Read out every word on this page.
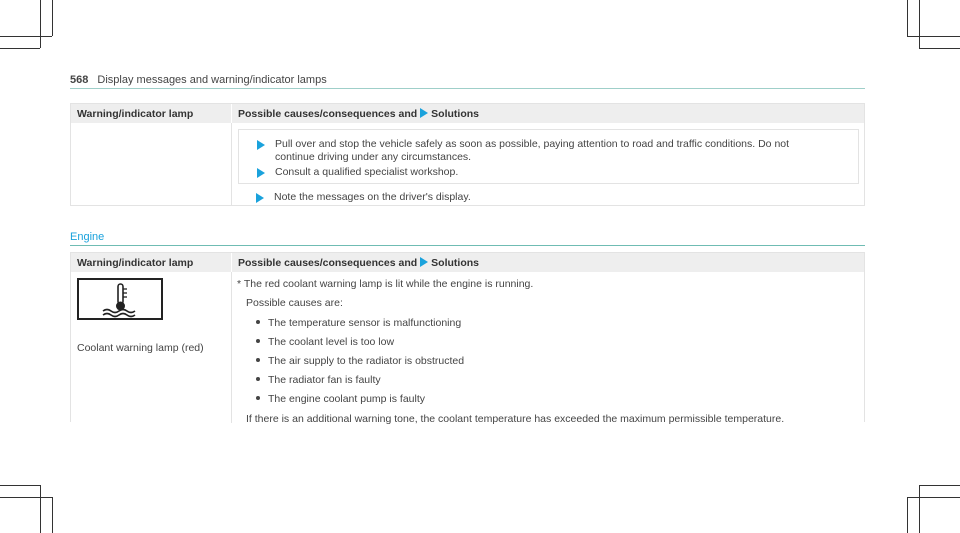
568 Display messages and warning/indicator lamps
Warning/indicator lamp	Possible causes/consequences and Solutions
Pull over and stop the vehicle safely as soon as possible, paying attention to road and traffic conditions. Do not
continue driving under any circumstances.
Consult a qualified specialist workshop.
Note the messages on the driver's display.
Engine
Warning/indicator lamp	Possible causes/consequences and Solutions
Coolant warning lamp (red)
* The red coolant warning lamp is lit while the engine is running.
Possible causes are:
The temperature sensor is malfunctioning
The coolant level is too low
The air supply to the radiator is obstructed
The radiator fan is faulty
The engine coolant pump is faulty
If there is an additional warning tone, the coolant temperature has exceeded the maximum permissible temperature.
